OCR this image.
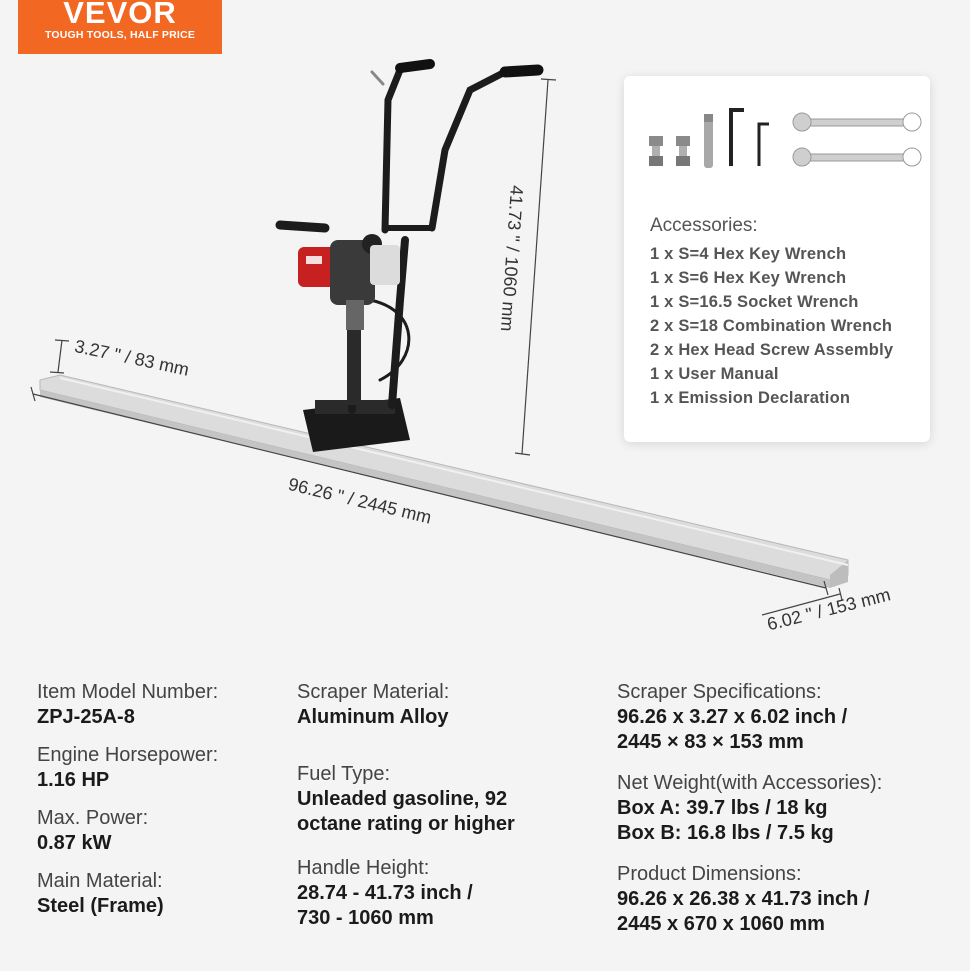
VEVOR
TOUGH TOOLS, HALF PRICE
41.73 " / 1060 mm
3.27 " / 83 mm
96.26 " / 2445 mm
6.02 " / 153 mm
Accessories:
1 x S=4 Hex Key Wrench
1 x S=6 Hex Key Wrench
1 x S=16.5 Socket Wrench
2 x S=18 Combination Wrench
2 x Hex Head Screw Assembly
1 x User Manual
1 x Emission Declaration
Item Model Number:
ZPJ-25A-8
Engine Horsepower:
1.16 HP
Max. Power:
0.87 kW
Main Material:
Steel (Frame)
Scraper Material:
Aluminum Alloy
Fuel Type:
Unleaded gasoline, 92
octane rating or higher
Handle Height:
28.74 - 41.73 inch /
730 - 1060 mm
Scraper Specifications:
96.26 x 3.27 x 6.02 inch /
2445 × 83 × 153 mm
Net Weight(with Accessories):
Box A: 39.7 lbs / 18 kg
Box B: 16.8 lbs / 7.5 kg
Product Dimensions:
96.26 x 26.38 x 41.73 inch /
2445 x 670 x 1060 mm
